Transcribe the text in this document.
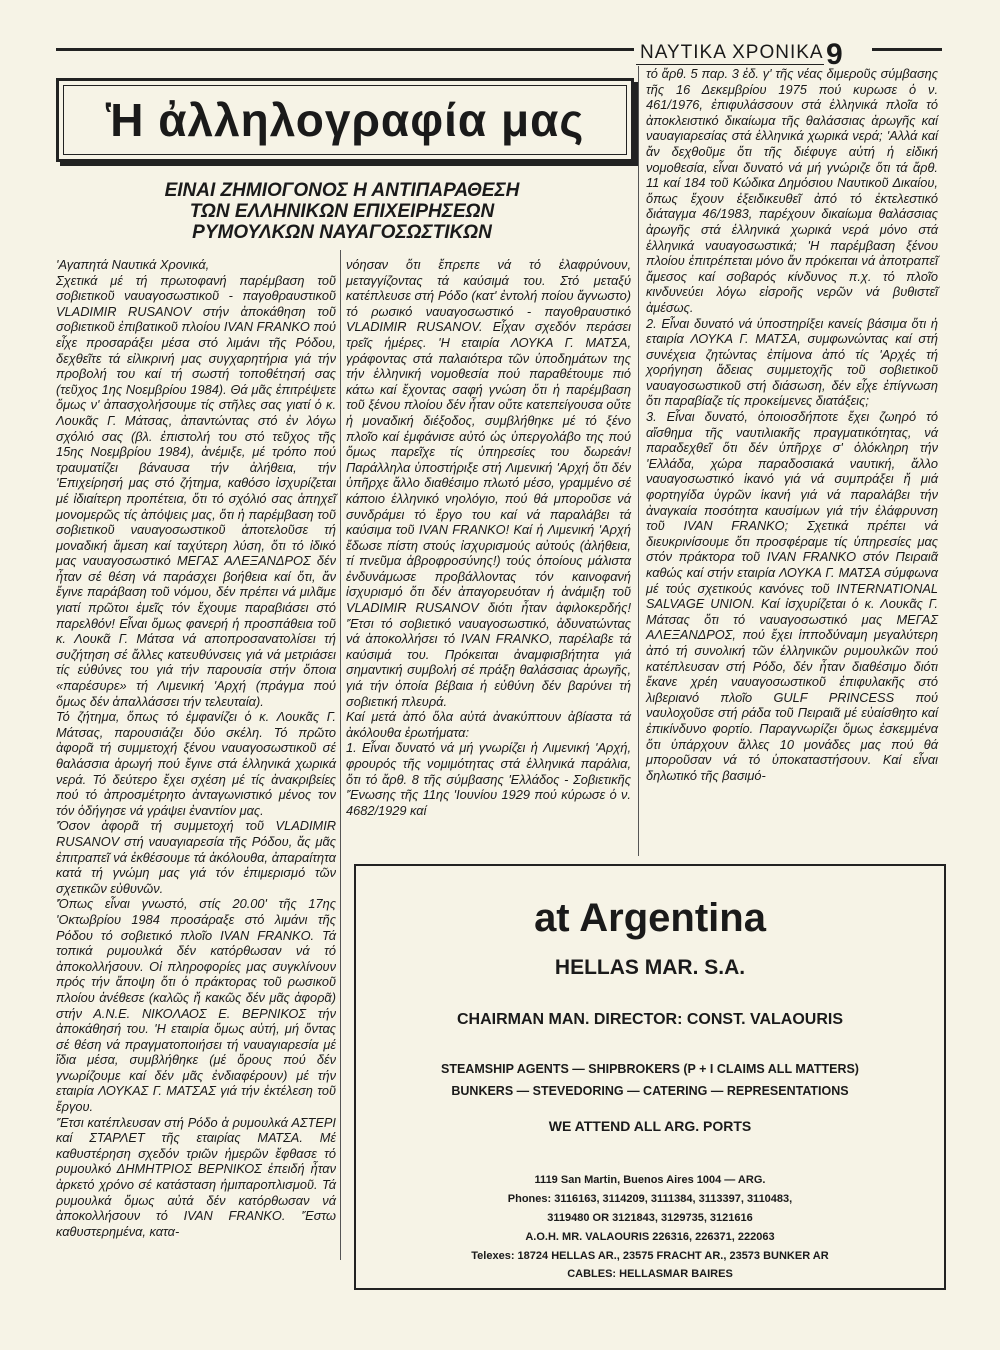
ΝΑΥΤΙΚΑ ΧΡΟΝΙΚΑ 9
Ἡ ἀλληλογραφία μας
ΕΙΝΑΙ ΖΗΜΙΟΓΟΝΟΣ Η ΑΝΤΙΠΑΡΑΘΕΣΗ
ΤΩΝ ΕΛΛΗΝΙΚΩΝ ΕΠΙΧΕΙΡΗΣΕΩΝ
ΡΥΜΟΥΛΚΩΝ ΝΑΥΑΓΟΣΩΣΤΙΚΩΝ
'Αγαπητά Ναυτικά Χρονικά,
Σχετικά μέ τή πρωτοφανή παρέμβαση τοῦ σοβιετικοῦ ναυαγοσωστικοῦ - παγοθραυστικοῦ VLADIMIR RUSANOV στήν ἀποκάθηση τοῦ σοβιετικοῦ ἐπιβατικοῦ πλοίου IVAN FRANKO πού εἶχε προσαράξει μέσα στό λιμάνι τῆς Ρόδου, δεχθεῖτε τά εἰλικρινή μας συγχαρητήρια γιά τήν προβολή του καί τή σωστή τοποθέτησή σας (τεῦχος 1ης Νοεμβρίου 1984). Θά μᾶς ἐπιτρέψετε ὅμως ν' ἀπασχολήσουμε τίς στῆλες σας γιατί ὁ κ. Λουκᾶς Γ. Μάτσας, ἀπαντώντας στό ἐν λόγω σχόλιό σας (βλ. ἐπιστολή του στό τεῦχος τῆς 15ης Νοεμβρίου 1984), ἀνέμιξε, μέ τρόπο πού τραυματίζει βάναυσα τήν ἀλήθεια, τήν 'Επιχείρησή μας στό ζήτημα, καθόσο ἰσχυρίζεται μέ ἰδιαίτερη προπέτεια, ὅτι τό σχόλιό σας ἀπηχεῖ μονομερῶς τίς ἀπόψεις μας, ὅτι ἡ παρέμβαση τοῦ σοβιετικοῦ ναυαγοσωστικοῦ ἀποτελοῦσε τή μοναδική ἄμεση καί ταχύτερη λύση, ὅτι τό ἰδικό μας ναυαγοσωστικό ΜΕΓΑΣ ΑΛΕΞΑΝΔΡΟΣ δέν ἦταν σέ θέση νά παράσχει βοήθεια καί ὅτι, ἄν ἔγινε παράβαση τοῦ νόμου, δέν πρέπει νά μιλᾶμε γιατί πρῶτοι ἐμεῖς τόν ἔχουμε παραβιάσει στό παρελθόν! Εἶναι ὅμως φανερή ἡ προσπάθεια τοῦ κ. Λουκᾶ Γ. Μάτσα νά αποπροσανατολίσει τή συζήτηση σέ ἄλλες κατευθύνσεις γιά νά μετριάσει τίς εὐθύνες του γιά τήν παρουσία στήν ὅποια «παρέσυρε» τή Λιμενική 'Αρχή (πράγμα πού ὅμως δέν ἀπαλλάσσει τήν τελευταία).
Τό ζήτημα, ὅπως τό ἐμφανίζει ὁ κ. Λουκᾶς Γ. Μάτσας, παρουσιάζει δύο σκέλη. Τό πρῶτο ἀφορᾶ τή συμμετοχή ξένου ναυαγοσωστικοῦ σέ θαλάσσια ἀρωγή πού ἔγινε στά ἑλληνικά χωρικά νερά. Τό δεύτερο ἔχει σχέση μέ τίς ἀνακριβείες πού τό ἀπροσμέτρητο ἀνταγωνιστικό μένος τον τόν ὁδήγησε νά γράψει ἐναντίον μας.
'Όσον ἀφορᾶ τή συμμετοχή τοῦ VLADIMIR RUSANOV στή ναυαγιαρεσία τῆς Ρόδου, ἄς μᾶς ἐπιτραπεῖ νά ἐκθέσουμε τά ἀκόλουθα, ἀπαραίτητα κατά τή γνώμη μας γιά τόν ἐπιμερισμό τῶν σχετικῶν εὐθυνῶν.
'Όπως εἶναι γνωστό, στίς 20.00' τῆς 17ης 'Οκτωβρίου 1984 προσάραξε στό λιμάνι τῆς Ρόδου τό σοβιετικό πλοῖο IVAN FRANKO. Τά τοπικά ρυμουλκά δέν κατόρθωσαν νά τό ἀποκολλήσουν. Οἱ πληροφορίες μας συγκλίνουν πρός τήν ἄποψη ὅτι ὁ πράκτορας τοῦ ρωσικοῦ πλοίου ἀνέθεσε (καλῶς ἤ κακῶς δέν μᾶς ἀφορᾶ) στήν Α.Ν.Ε. ΝΙΚΟΛΑΟΣ Ε. ΒΕΡΝΙΚΟΣ τήν ἀποκάθησή του. 'Η εταιρία ὅμως αὐτή, μή ὄντας σέ θέση νά πραγματοποιήσει τή ναυαγιαρεσία μέ ἴδια μέσα, συμβλήθηκε (μέ ὅρους πού δέν γνωρίζουμε καί δέν μᾶς ἐνδιαφέρουν) μέ τήν εταιρία ΛΟΥΚΑΣ Γ. ΜΑΤΣΑΣ γιά τήν ἐκτέλεση τοῦ ἔργου.
'Έτσι κατέπλευσαν στή Ρόδο ἀ ρυμουλκά ΑΣΤΕΡΙ καί ΣΤΑΡΛΕΤ τῆς εταιρίας ΜΑΤΣΑ. Μέ καθυστέρηση σχεδόν τριῶν ἡμερῶν ἔφθασε τό ρυμουλκό ΔΗΜΗΤΡΙΟΣ ΒΕΡΝΙΚΟΣ ἐπειδή ἦταν ἀρκετό χρόνο σέ κατάσταση ἡμιπαροπλισμοῦ. Τά ρυμουλκά ὅμως αὐτά δέν κατόρθωσαν νά ἀποκολλήσουν τό IVAN FRANKO. 'Έστω καθυστερημένα, κατα-
νόησαν ὅτι ἔπρεπε νά τό ἐλαφρύνουν, μεταγγίζοντας τά καύσιμά του. Στό μεταξύ κατέπλευσε στή Ρόδο (κατ' ἐντολή ποίου ἄγνωστο) τό ρωσικό ναυαγοσωστικό - παγοθραυστικό VLADIMIR RUSANOV. Εἶχαν σχεδόν περάσει τρεῖς ἡμέρες. 'Η εταιρία ΛΟΥΚΑ Γ. ΜΑΤΣΑ, γράφοντας στά παλαιότερα τῶν ὑποδημάτων της τήν ἑλληνική νομοθεσία πού παραθέτουμε πιό κάτω καί ἔχοντας σαφή γνώση ὅτι ἡ παρέμβαση τοῦ ξένου πλοίου δέν ἦταν οὔτε κατεπείγουσα οὔτε ἡ μοναδική διέξοδος, συμβλήθηκε μέ τό ξένο πλοῖο καί ἐμφάνισε αὐτό ὡς ὑπεργολάβο της πού ὅμως παρεῖχε τίς ὑπηρεσίες του δωρεάν! Παράλληλα ὑποστήριξε στή Λιμενική 'Αρχή ὅτι δέν ὑπῆρχε ἄλλο διαθέσιμο πλωτό μέσο, γραμμένο σέ κάποιο ἑλληνικό νηολόγιο, πού θά μποροῦσε νά συνδράμει τό ἔργο του καί νά παραλάβει τά καύσιμα τοῦ IVAN FRANKO! Καί ἡ Λιμενική 'Αρχή ἔδωσε πίστη στούς ἰσχυρισμούς αὐτούς (ἀλήθεια, τί πνεῦμα ἀβροφροσύνης!) τούς ὁποίους μάλιστα ἐνδυνάμωσε προβάλλοντας τόν καινοφανή ἰσχυρισμό ὅτι δέν ἀπαγορευόταν ἡ ἀνάμιξη τοῦ VLADIMIR RUSANOV διότι ἦταν ἀφιλοκερδής! 'Έτσι τό σοβιετικό ναυαγοσωστικό, ἀδυνατώντας νά ἀποκολλήσει τό IVAN FRANKO, παρέλαβε τά καύσιμά του. Πρόκειται ἀναμφισβήτητα γιά σημαντική συμβολή σέ πράξη θαλάσσιας ἀρωγῆς, γιά τήν ὁποία βέβαια ἡ εὐθύνη δέν βαρύνει τή σοβιετική πλευρά.
Καί μετά ἀπό ὅλα αὐτά ἀνακύπτουν ἀβίαστα τά ἀκόλουθα ἐρωτήματα:
1. Εἶναι δυνατό νά μή γνωρίζει ἡ Λιμενική 'Αρχή, φρουρός τῆς νομιμότητας στά ἑλληνικά παράλια, ὅτι τό ἄρθ. 8 τῆς σύμβασης 'Ελλάδος - Σοβιετικῆς 'Ένωσης τῆς 11ης 'Ιουνίου 1929 πού κύρωσε ὁ ν. 4682/1929 καί
τό ἄρθ. 5 παρ. 3 ἐδ. γ' τῆς νέας διμεροῦς σύμβασης τῆς 16 Δεκεμβρίου 1975 πού κυρωσε ὁ ν. 461/1976, ἐπιφυλάσσουν στά ἑλληνικά πλοῖα τό ἀποκλειστικό δικαίωμα τῆς θαλάσσιας ἀρωγῆς καί ναυαγιαρεσίας στά ἑλληνικά χωρικά νερά; 'Αλλά καί ἄν δεχθοῦμε ὅτι τῆς διέφυγε αὐτή ἡ εἰδική νομοθεσία, εἶναι δυνατό νά μή γνώριζε ὅτι τά ἄρθ. 11 καί 184 τοῦ Κώδικα Δημόσιου Ναυτικοῦ Δικαίου, ὅπως ἔχουν ἐξειδικευθεῖ ἀπό τό ἐκτελεστικό διάταγμα 46/1983, παρέχουν δικαίωμα θαλάσσιας ἀρωγῆς στά ἑλληνικά χωρικά νερά μόνο στά ἑλληνικά ναυαγοσωστικά; 'Η παρέμβαση ξένου πλοίου ἐπιτρέπεται μόνο ἄν πρόκειται νά ἀποτραπεῖ ἄμεσος καί σοβαρός κίνδυνος π.χ. τό πλοῖο κινδυνεύει λόγω εἰσροῆς νερῶν νά βυθιστεῖ ἀμέσως.
2. Εἶναι δυνατό νά ὑποστηρίξει κανείς βάσιμα ὅτι ἡ εταιρία ΛΟΥΚΑ Γ. ΜΑΤΣΑ, συμφωνώντας καί στή συνέχεια ζητώντας ἐπίμονα ἀπό τίς 'Αρχές τή χορήγηση ἄδειας συμμετοχῆς τοῦ σοβιετικοῦ ναυαγοσωστικοῦ στή διάσωση, δέν εἶχε ἐπίγνωση ὅτι παραβίαζε τίς προκείμενες διατάξεις;
3. Εἶναι δυνατό, ὁποιοσδήποτε ἔχει ζωηρό τό αἴσθημα τῆς ναυτιλιακῆς πραγματικότητας, νά παραδεχθεῖ ὅτι δέν ὑπῆρχε σ' ὁλόκληρη τήν 'Ελλάδα, χώρα παραδοσιακά ναυτική, ἄλλο ναυαγοσωστικό ἱκανό γιά νά συμπράξει ἤ μιά φορτηγίδα ὑγρῶν ἱκανή γιά νά παραλάβει τήν ἀναγκαία ποσότητα καυσίμων γιά τήν ἐλάφρυνση τοῦ IVAN FRANKO; Σχετικά πρέπει νά διευκρινίσουμε ὅτι προσφέραμε τίς ὑπηρεσίες μας στόν πράκτορα τοῦ IVAN FRANKO στόν Πειραιᾶ καθώς καί στήν εταιρία ΛΟΥΚΑ Γ. ΜΑΤΣΑ σύμφωνα μέ τούς σχετικούς κανόνες τοῦ INTERNATIONAL SALVAGE UNION. Καί ἰσχυρίζεται ὁ κ. Λουκᾶς Γ. Μάτσας ὅτι τό ναυαγοσωστικό μας ΜΕΓΑΣ ΑΛΕΞΑΝΔΡΟΣ, πού ἔχει ἱπποδύναμη μεγαλύτερη ἀπό τή συνολική τῶν ἑλληνικῶν ρυμουλκῶν πού κατέπλευσαν στή Ρόδο, δέν ἦταν διαθέσιμο διότι ἔκανε χρέη ναυαγοσωστικοῦ ἐπιφυλακῆς στό λιβεριανό πλοῖο GULF PRINCESS πού ναυλοχοῦσε στή ράδα τοῦ Πειραιᾶ μέ εὐαίσθητο καί ἐπικίνδυνο φορτίο. Παραγνωρίζει ὅμως ἐσκεμμένα ὅτι ὑπάρχουν ἄλλες 10 μονάδες μας πού θά μποροῦσαν νά τό ὑποκαταστήσουν. Καί εἶναι δηλωτικό τῆς βασιμό-
at Argentina
HELLAS MAR. S.A.
CHAIRMAN MAN. DIRECTOR: CONST. VALAOURIS
STEAMSHIP AGENTS — SHIPBROKERS (P + I CLAIMS ALL MATTERS)
BUNKERS — STEVEDORING — CATERING — REPRESENTATIONS
WE ATTEND ALL ARG. PORTS
1119 San Martin, Buenos Aires 1004 — ARG.
Phones: 3116163, 3114209, 3111384, 3113397, 3110483,
3119480 OR 3121843, 3129735, 3121616
A.O.H. MR. VALAOURIS 226316, 226371, 222063
Telexes: 18724 HELLAS AR., 23575 FRACHT AR., 23573 BUNKER AR
CABLES: HELLASMAR BAIRES
